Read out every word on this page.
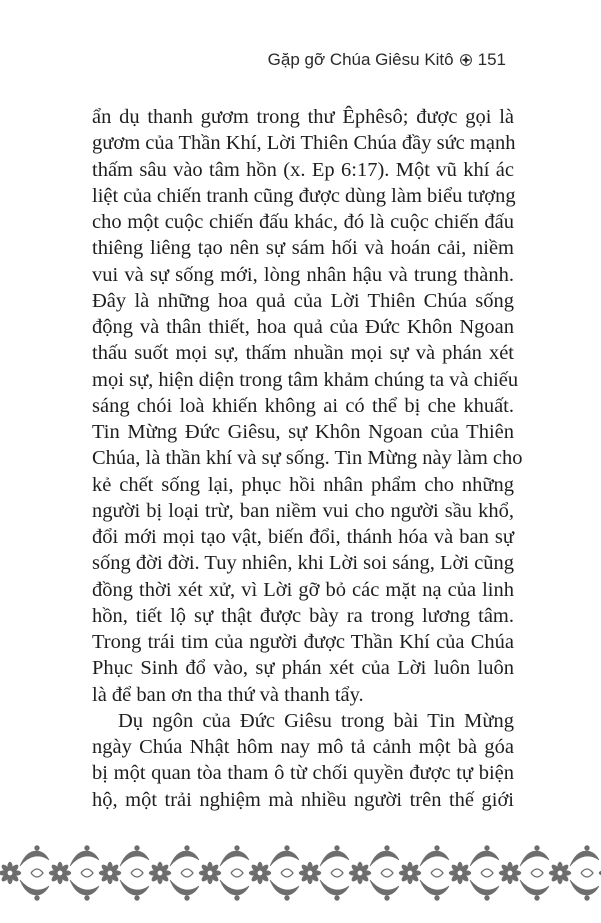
Gặp gỡ Chúa Giêsu Kitô 151
ẩn dụ thanh gươm trong thư Êphêsô; được gọi là
gươm của Thần Khí, Lời Thiên Chúa đầy sức mạnh
thấm sâu vào tâm hồn (x. Ep 6:17). Một vũ khí ác
liệt của chiến tranh cũng được dùng làm biểu tượng
cho một cuộc chiến đấu khác, đó là cuộc chiến đấu
thiêng liêng tạo nên sự sám hối và hoán cải, niềm
vui và sự sống mới, lòng nhân hậu và trung thành.
Đây là những hoa quả của Lời Thiên Chúa sống
động và thân thiết, hoa quả của Đức Khôn Ngoan
thấu suốt mọi sự, thấm nhuần mọi sự và phán xét
mọi sự, hiện diện trong tâm khảm chúng ta và chiếu
sáng chói loà khiến không ai có thể bị che khuất.
Tin Mừng Đức Giêsu, sự Khôn Ngoan của Thiên
Chúa, là thần khí và sự sống. Tin Mừng này làm cho
kẻ chết sống lại, phục hồi nhân phẩm cho những
người bị loại trừ, ban niềm vui cho người sầu khổ,
đổi mới mọi tạo vật, biến đổi, thánh hóa và ban sự
sống đời đời. Tuy nhiên, khi Lời soi sáng, Lời cũng
đồng thời xét xử, vì Lời gỡ bỏ các mặt nạ của linh
hồn, tiết lộ sự thật được bày ra trong lương tâm.
Trong trái tim của người được Thần Khí của Chúa
Phục Sinh đổ vào, sự phán xét của Lời luôn luôn
là để ban ơn tha thứ và thanh tẩy.
Dụ ngôn của Đức Giêsu trong bài Tin Mừng
ngày Chúa Nhật hôm nay mô tả cảnh một bà góa
bị một quan tòa tham ô từ chối quyền được tự biện
hộ, một trải nghiệm mà nhiều người trên thế giới
